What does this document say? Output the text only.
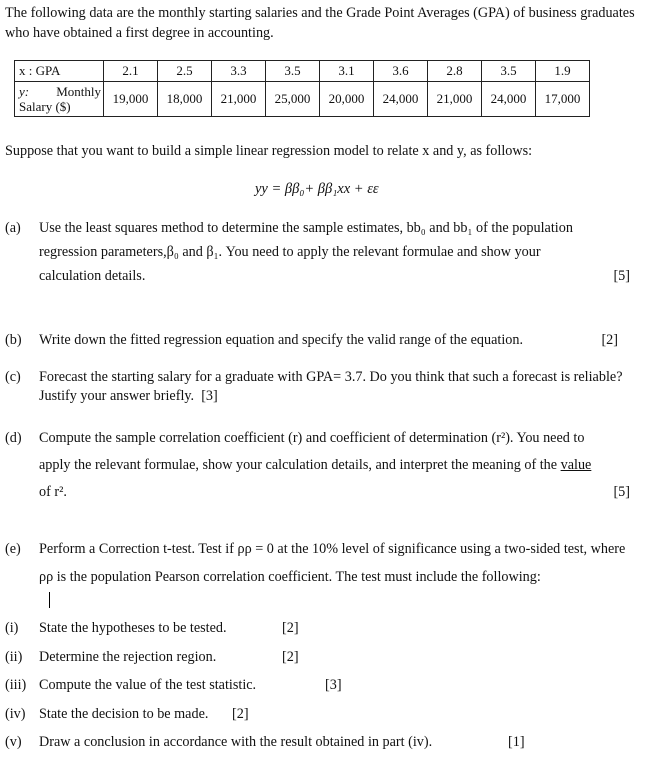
The following data are the monthly starting salaries and the Grade Point Averages (GPA) of business graduates who have obtained a first degree in accounting.
x : GPA	2.1	2.5	3.3	3.5	3.1	3.6	2.8	3.5	1.9

y: Monthly
Salary ($)	19,000	18,000	21,000	25,000	20,000	24,000	21,000	24,000	17,000
Suppose that you want to build a simple linear regression model to relate x and y, as follows:
yy = ββ₀+ ββ₁xx + εε
(a) Use the least squares method to determine the sample estimates, bb₀ and bb₁ of the population regression parameters,β₀ and β₁. You need to apply the relevant formulae and show your calculation details.	[5]
(b) Write down the fitted regression equation and specify the valid range of the equation.	[2]
(c) Forecast the starting salary for a graduate with GPA= 3.7. Do you think that such a forecast is reliable? Justify your answer briefly. [3]
(d) Compute the sample correlation coefficient (r) and coefficient of determination (r²). You need to apply the relevant formulae, show your calculation details, and interpret the meaning of the value of r².	[5]
(e) Perform a Correction t-test. Test if ρρ = 0 at the 10% level of significance using a two-sided test, where ρρ is the population Pearson correlation coefficient. The test must include the following:
(i) State the hypotheses to be tested.	[2]
(ii) Determine the rejection region.	[2]
(iii) Compute the value of the test statistic.	[3]
(iv) State the decision to be made. [2]
(v) Draw a conclusion in accordance with the result obtained in part (iv).	[1]
